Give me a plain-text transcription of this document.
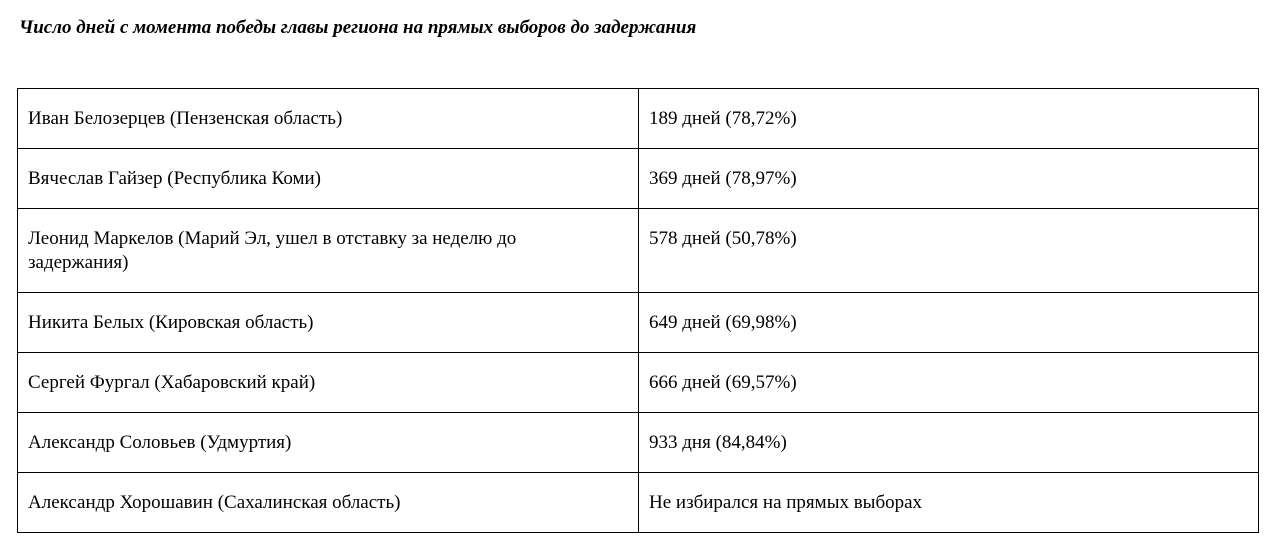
Число дней с момента победы главы региона на прямых выборов до задержания
Иван Белозерцев (Пензенская область)	189 дней (78,72%)
Вячеслав Гайзер (Республика Коми)	369 дней (78,97%)
Леонид Маркелов (Марий Эл, ушел в отставку за неделю до задержания)	578 дней (50,78%)
Никита Белых (Кировская область)	649 дней (69,98%)
Сергей Фургал (Хабаровский край)	666 дней (69,57%)
Александр Соловьев (Удмуртия)	933 дня (84,84%)
Александр Хорошавин (Сахалинская область)	Не избирался на прямых выборах
